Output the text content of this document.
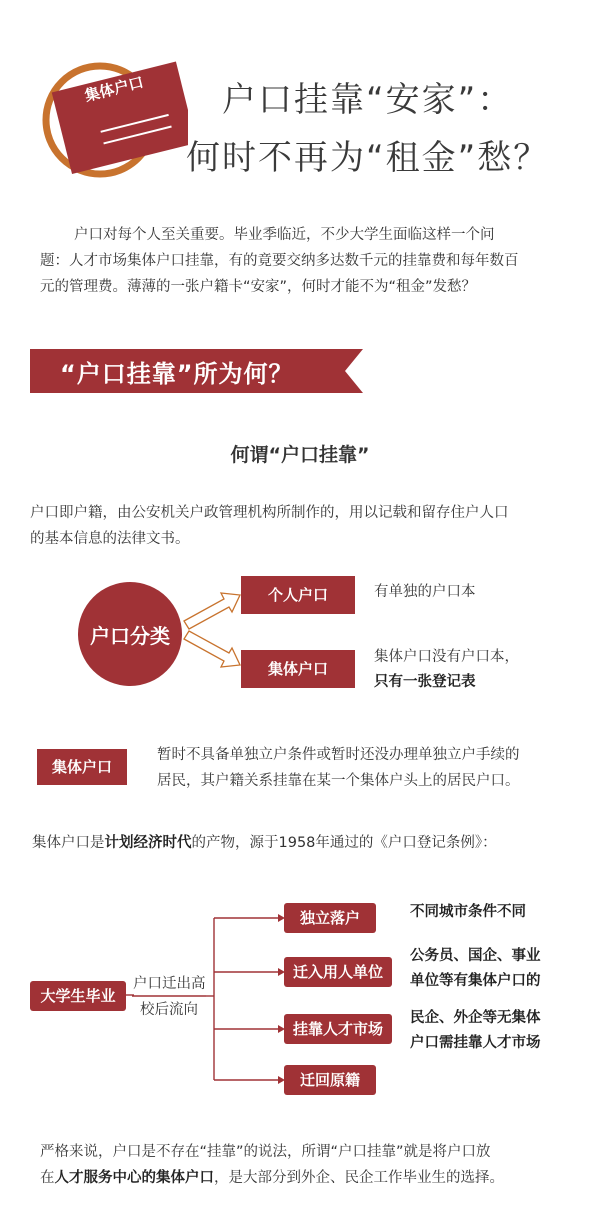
集体户口 户口挂靠“安家”：
何时不再为“租金”愁？
户口对每个人至关重要。毕业季临近，不少大学生面临这样一个问
题：人才市场集体户口挂靠，有的竟要交纳多达数千元的挂靠费和每年数百
元的管理费。薄薄的一张户籍卡“安家”，何时才能不为“租金”发愁？
“户口挂靠”所为何？
何谓“户口挂靠”
户口即户籍，由公安机关户政管理机构所制作的，用以记载和留存住户人口
的基本信息的法律文书。
户口分类
个人户口	有单独的户口本
集体户口
集体户口没有户口本，
只有一张登记表
集体户口
暂时不具备单独立户条件或暂时还没办理单独立户手续的
居民，其户籍关系挂靠在某一个集体户头上的居民户口。
集体户口是计划经济时代的产物，源于1958年通过的《户口登记条例》：
大学生毕业
户口迁出高
校后流向
独立落户
迁入用人单位
挂靠人才市场
迁回原籍
不同城市条件不同
公务员、国企、事业
单位等有集体户口的
民企、外企等无集体
户口需挂靠人才市场
严格来说，户口是不存在“挂靠”的说法，所谓“户口挂靠”就是将户口放
在人才服务中心的集体户口，是大部分到外企、民企工作毕业生的选择。
